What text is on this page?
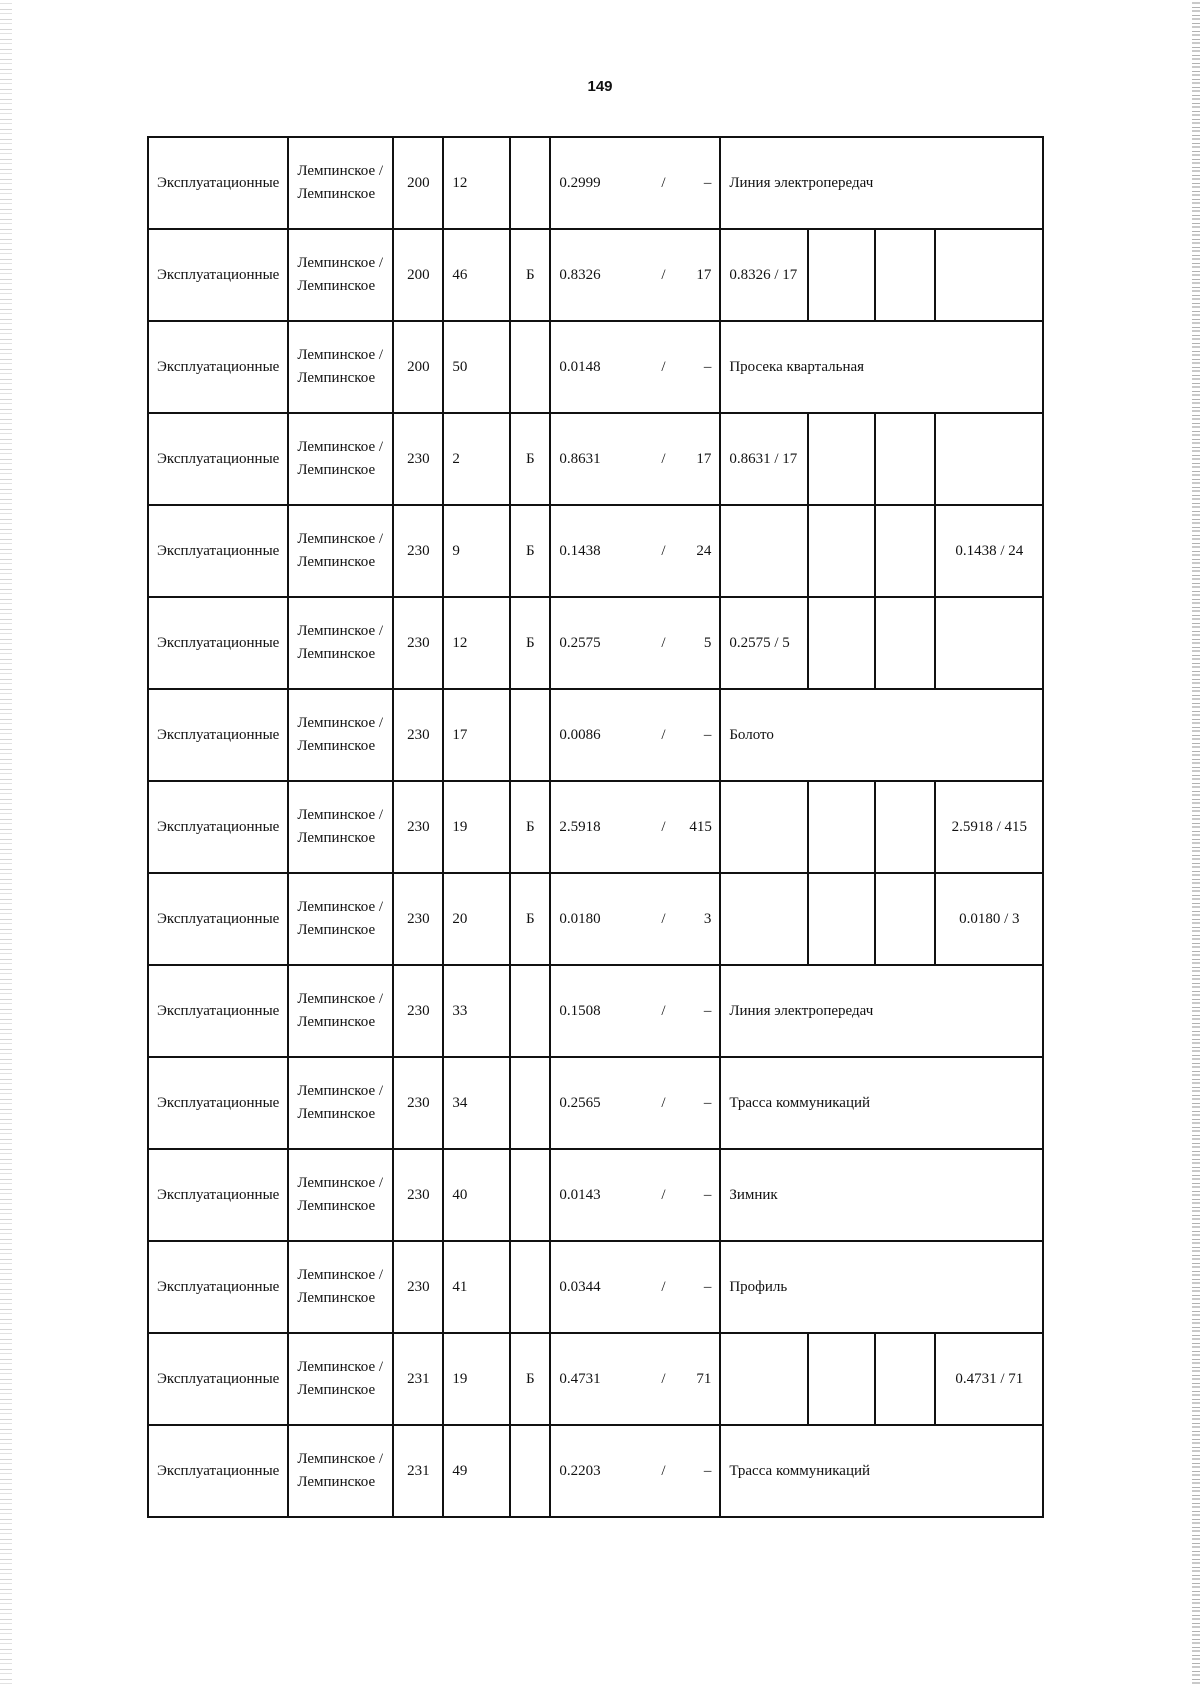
149
Эксплуатационные	Лемпинское / Лемпинское	200	12		0.2999 / –	Линия электропередач			
Эксплуатационные	Лемпинское / Лемпинское	200	46	Б	0.8326 / 17	0.8326 / 17			
Эксплуатационные	Лемпинское / Лемпинское	200	50		0.0148 / –	Просека квартальная			
Эксплуатационные	Лемпинское / Лемпинское	230	2	Б	0.8631 / 17	0.8631 / 17			
Эксплуатационные	Лемпинское / Лемпинское	230	9	Б	0.1438 / 24				0.1438 / 24
Эксплуатационные	Лемпинское / Лемпинское	230	12	Б	0.2575 / 5	0.2575 / 5			
Эксплуатационные	Лемпинское / Лемпинское	230	17		0.0086 / –	Болото			
Эксплуатационные	Лемпинское / Лемпинское	230	19	Б	2.5918 / 415				2.5918 / 415
Эксплуатационные	Лемпинское / Лемпинское	230	20	Б	0.0180 / 3				0.0180 / 3
Эксплуатационные	Лемпинское / Лемпинское	230	33		0.1508 / –	Линия электропередач			
Эксплуатационные	Лемпинское / Лемпинское	230	34		0.2565 / –	Трасса коммуникаций			
Эксплуатационные	Лемпинское / Лемпинское	230	40		0.0143 / –	Зимник			
Эксплуатационные	Лемпинское / Лемпинское	230	41		0.0344 / –	Профиль			
Эксплуатационные	Лемпинское / Лемпинское	231	19	Б	0.4731 / 71				0.4731 / 71
Эксплуатационные	Лемпинское / Лемпинское	231	49		0.2203 / –	Трасса коммуникаций			
